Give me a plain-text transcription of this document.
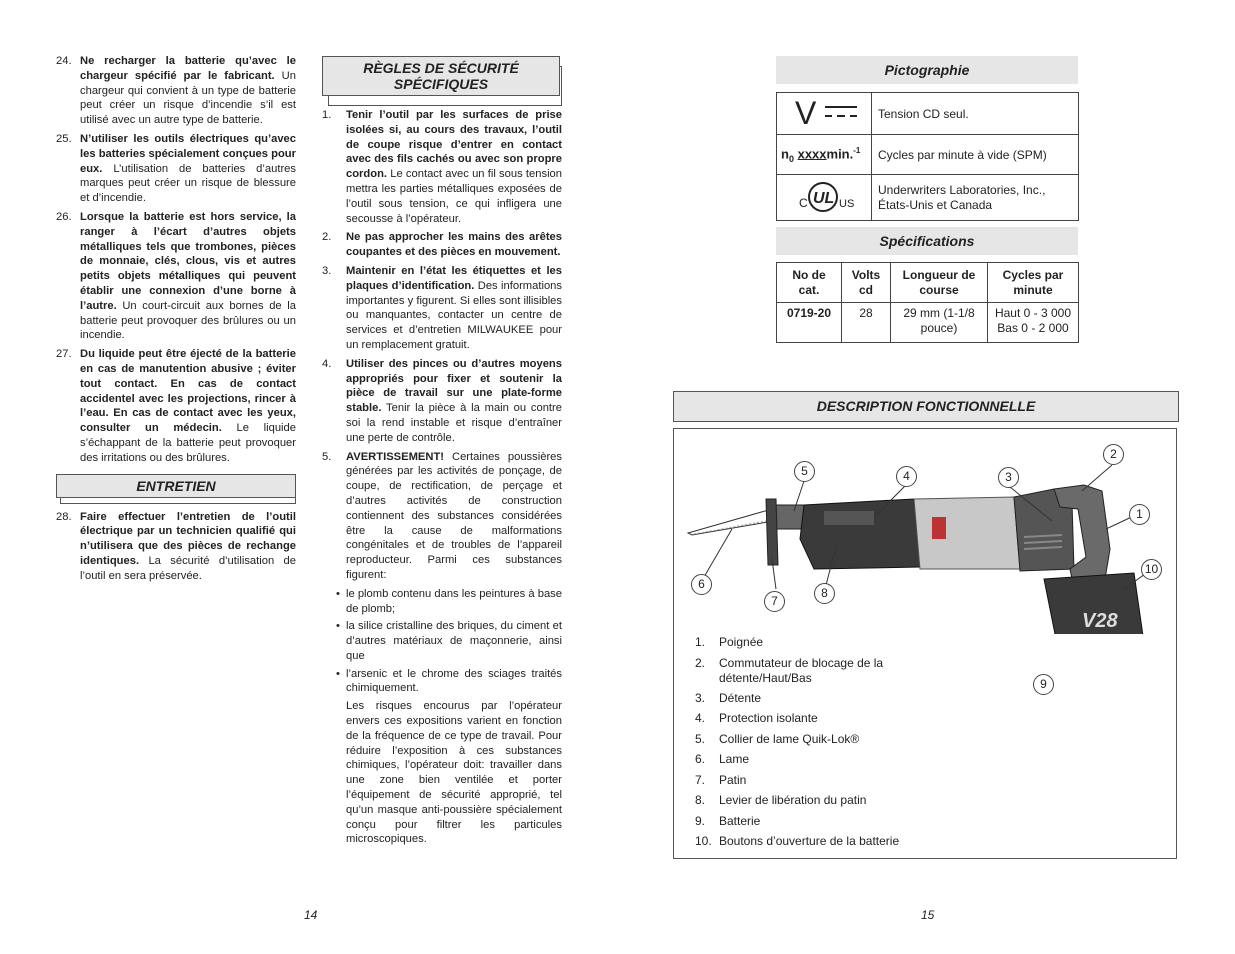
24. Ne recharger la batterie qu’avec le chargeur spécifié par le fabricant. Un chargeur qui convient à un type de batterie peut créer un risque d’incendie s’il est utilisé avec un autre type de batterie.
25. N’utiliser les outils électriques qu’avec les batteries spécialement conçues pour eux. L’utilisation de batteries d’autres marques peut créer un risque de blessure et d’incendie.
26. Lorsque la batterie est hors service, la ranger à l’écart d’autres objets métalliques tels que trombones, pièces de monnaie, clés, clous, vis et autres petits objets métalliques qui peuvent établir une connexion d’une borne à l’autre. Un court-circuit aux bornes de la batterie peut provoquer des brûlures ou un incendie.
27. Du liquide peut être éjecté de la batterie en cas de manutention abusive ; éviter tout contact. En cas de contact accidentel avec les projections, rincer à l’eau. En cas de contact avec les yeux, consulter un médecin. Le liquide s’échappant de la batterie peut provoquer des irritations ou des brûlures.
ENTRETIEN
28. Faire effectuer l’entretien de l’outil électrique par un technicien qualifié qui n’utilisera que des pièces de rechange identiques. La sécurité d’utilisation de l’outil en sera préservée.
RÈGLES DE SÉCURITÉ
SPÉCIFIQUES
1.	Tenir l’outil par les surfaces de prise isolées si, au cours des travaux, l’outil de coupe risque d’entrer en contact avec des fils cachés ou avec son propre cordon. Le contact avec un fil sous tension mettra les parties métalliques exposées de l’outil sous tension, ce qui infligera une secousse à l’opérateur.
2.	Ne pas approcher les mains des arêtes coupantes et des pièces en mouvement.
3.	Maintenir en l’état les étiquettes et les plaques d’identification. Des informations importantes y figurent. Si elles sont illisibles ou manquantes, contacter un centre de services et d’entretien MILWAUKEE pour un remplacement gratuit.
4.	Utiliser des pinces ou d’autres moyens appropriés pour fixer et soutenir la pièce de travail sur une plate-forme stable. Tenir la pièce à la main ou contre soi la rend instable et risque d’entraîner une perte de contrôle.
5.	AVERTISSEMENT! Certaines poussières générées par les activités de ponçage, de coupe, de rectification, de perçage et d’autres activités de construction contiennent des substances considérées être la cause de malformations congénitales et de troubles de l’appareil reproducteur. Parmi ces substances figurent:
• le plomb contenu dans les peintures à base de plomb;
• la silice cristalline des briques, du ciment et d’autres matériaux de maçonnerie, ainsi que
• l’arsenic et le chrome des sciages traités chimiquement.
Les risques encourus par l’opérateur envers ces expositions varient en fonction de la fréquence de ce type de travail. Pour réduire l’exposition à ces substances chimiques, l’opérateur doit: travailler dans une zone bien ventilée et porter l’équipement de sécurité approprié, tel qu’un masque anti-poussière spécialement conçu pour filtrer les particules microscopiques.
14	15
Pictographie
V	Tension CD seul.
$n_0$ xxxxmin.$^{-1}$	Cycles par minute à vide (SPM)

C UL US	Underwriters Laboratories, Inc., États-Unis et Canada
Spécifications
No de cat.	Volts cd	Longueur de course	Cycles par minute
0719-20	28	29 mm (1-1/8 pouce)	Haut 0 - 3 000 Bas 0 - 2 000
DESCRIPTION FONCTIONNELLE
V28
1
2
3
4
5
6
7
8
9
10
1.	Poignée
2.	Commutateur de blocage de la détente/Haut/Bas
3.	Détente
4.	Protection isolante
5.	Collier de lame Quik-Lok®
6.	Lame
7.	Patin
8.	Levier de libération du patin
9.	Batterie
10. Boutons d’ouverture de la batterie
